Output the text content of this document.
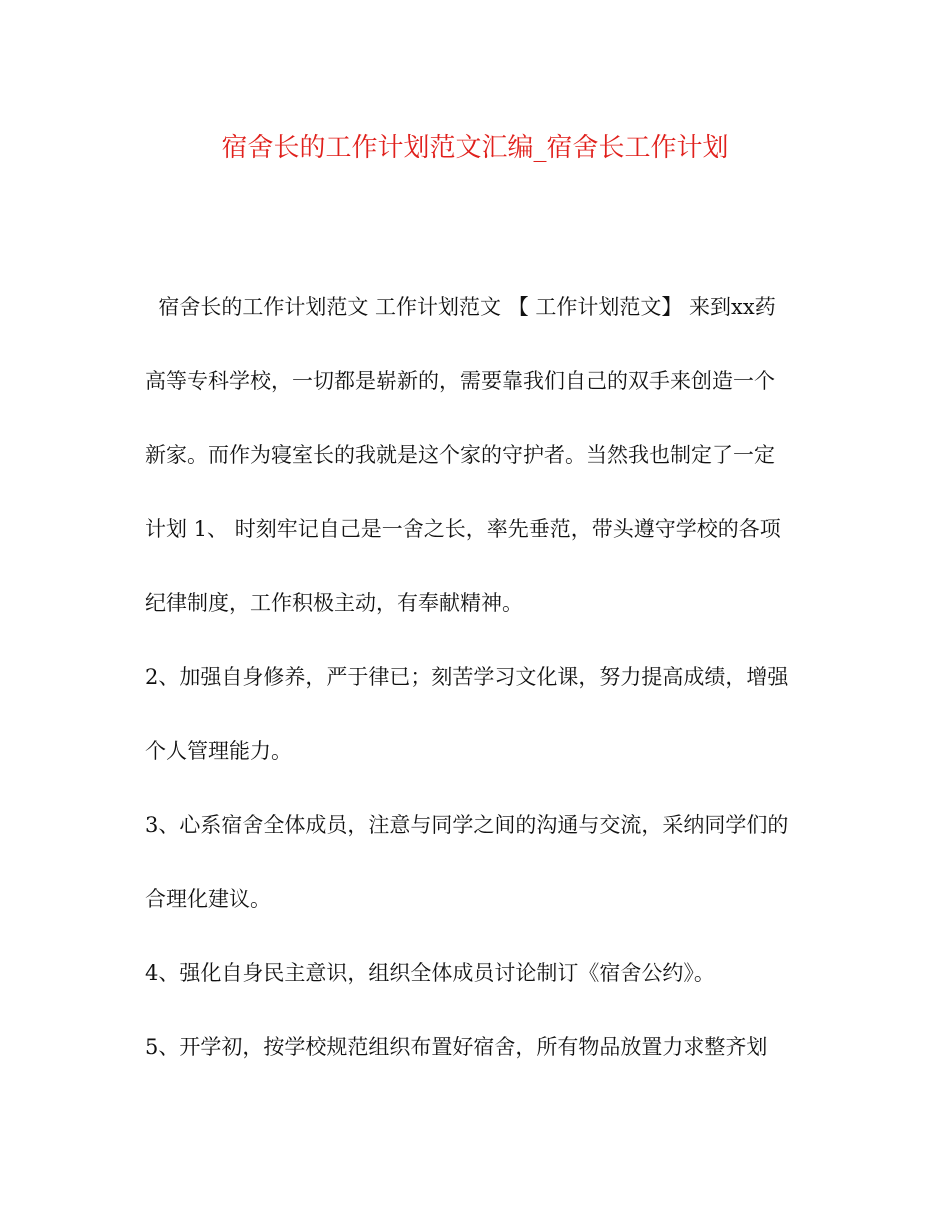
宿舍长的工作计划范文汇编_宿舍长工作计划

宿舍长的工作计划范文 工作计划范文 【 工作计划范文】 来到xx药

高等专科学校，一切都是崭新的，需要靠我们自己的双手来创造一个

新家。而作为寝室长的我就是这个家的守护者。当然我也制定了一定

计划 1、 时刻牢记自己是一舍之长，率先垂范，带头遵守学校的各项

纪律制度，工作积极主动，有奉献精神。

2、加强自身修养，严于律已；刻苦学习文化课，努力提高成绩，增强

个人管理能力。

3、心系宿舍全体成员，注意与同学之间的沟通与交流，采纳同学们的

合理化建议。

4、强化自身民主意识，组织全体成员讨论制订《宿舍公约》。

5、开学初，按学校规范组织布置好宿舍，所有物品放置力求整齐划
